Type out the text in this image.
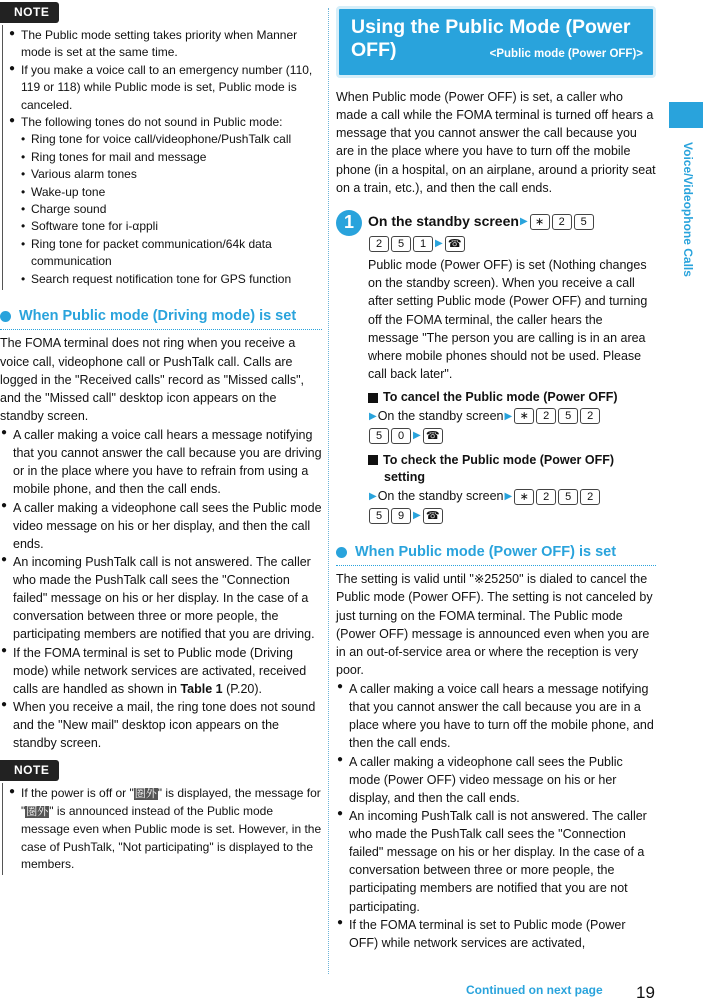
NOTE
● The Public mode setting takes priority when Manner mode is set at the same time.
● If you make a voice call to an emergency number (110, 119 or 118) while Public mode is set, Public mode is canceled.
● The following tones do not sound in Public mode:
• Ring tone for voice call/videophone/PushTalk call
• Ring tones for mail and message
• Various alarm tones
• Wake-up tone
• Charge sound
• Software tone for i-αppli
• Ring tone for packet communication/64k data communication
• Search request notification tone for GPS function
When Public mode (Driving mode) is set

The FOMA terminal does not ring when you receive a voice call, videophone call or PushTalk call. Calls are logged in the "Received calls" record as "Missed calls", and the "Missed call" desktop icon appears on the standby screen.

● A caller making a voice call hears a message notifying that you cannot answer the call because you are driving or in the place where you have to refrain from using a mobile phone, and then the call ends.
● A caller making a videophone call sees the Public mode video message on his or her display, and then the call ends.
● An incoming PushTalk call is not answered. The caller who made the PushTalk call sees the "Connection failed" message on his or her display. In the case of a conversation between three or more people, the participating members are notified that you are driving.
● If the FOMA terminal is set to Public mode (Driving mode) while network services are activated, received calls are handled as shown in Table 1 (P.20).
● When you receive a mail, the ring tone does not sound and the "New mail" desktop icon appears on the standby screen.
NOTE
● If the power is off or "圏外" is displayed, the message for "圏外" is announced instead of the Public mode message even when Public mode is set. However, in the case of PushTalk, "Not participating" is displayed to the members.
Using the Public Mode (Power OFF)	<Public mode (Power OFF)>

When Public mode (Power OFF) is set, a caller who made a call while the FOMA terminal is turned off hears a message that you cannot answer the call because you are in the place where you have to turn off the mobile phone (in a hospital, on an airplane, around a priority seat on a train, etc.), and then the call ends.

1	On the standby screen▶ ∗ 2 5
2 5 1 ▶ ☎
Public mode (Power OFF) is set (Nothing changes on the standby screen). When you receive a call after setting Public mode (Power OFF) and turning off the FOMA terminal, the caller hears the message "The person you are calling is in an area where mobile phones should not be used. Please call back later".
To cancel the Public mode (Power OFF)
▶On the standby screen▶ ∗ 2 5 2
5 0 ▶ ☎
To check the Public mode (Power OFF)
setting
▶On the standby screen▶ ∗ 2 5 2
5 9 ▶ ☎
When Public mode (Power OFF) is set

The setting is valid until "※25250" is dialed to cancel the Public mode (Power OFF). The setting is not canceled by just turning on the FOMA terminal. The Public mode (Power OFF) message is announced even when you are in an out-of-service area or where the reception is very poor.

● A caller making a voice call hears a message notifying that you cannot answer the call because you are in a place where you have to turn off the mobile phone, and then the call ends.
● A caller making a videophone call sees the Public mode (Power OFF) video message on his or her display, and then the call ends.
● An incoming PushTalk call is not answered. The caller who made the PushTalk call sees the "Connection failed" message on his or her display. In the case of a conversation between three or more people, the participating members are notified that you are not participating.
● If the FOMA terminal is set to Public mode (Power OFF) while network services are activated,
Voice/Videophone Calls
Continued on next page 19
